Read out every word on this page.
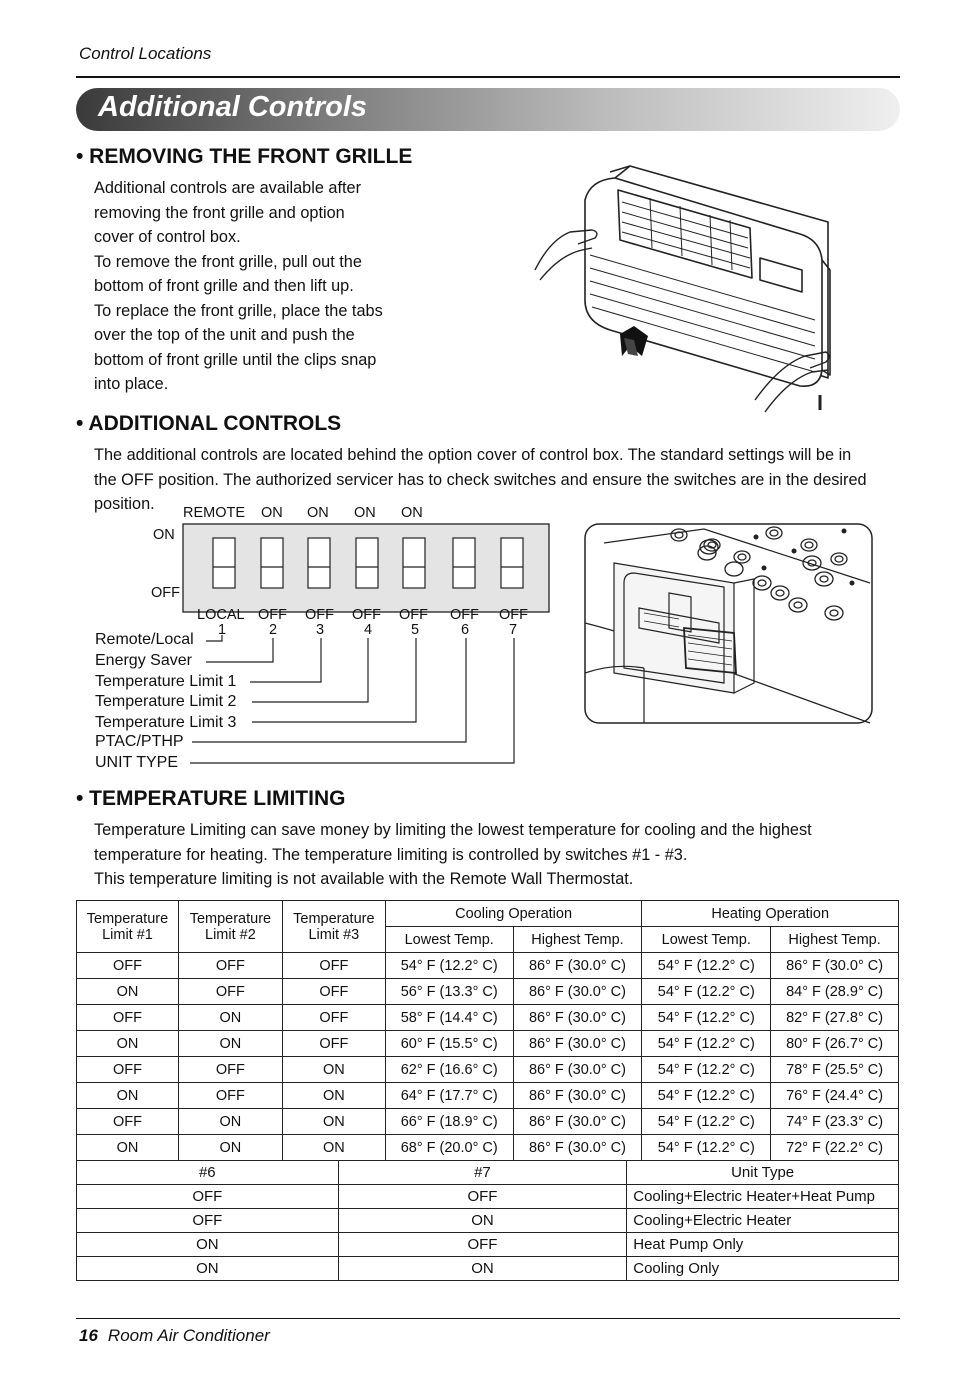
Control Locations
Additional Controls
• REMOVING THE FRONT GRILLE
Additional controls are available after
removing the front grille and option
cover of control box.
To remove the front grille, pull out the
bottom of front grille and then lift up.
To replace the front grille, place the tabs
over the top of the unit and push the
bottom of front grille until the clips snap
into place.
• ADDITIONAL CONTROLS
The additional controls are located behind the option cover of control box. The standard settings will be in
the OFF position. The authorized servicer has to check switches and ensure the switches are in the desired
position.	REMOTE ON ON ON ON
ON
OFF
LOCAL OFF OFF OFF OFF OFF OFF
1	2	3	4	5	6	7
Remote/Local
Energy Saver
Temperature Limit 1
Temperature Limit 2
Temperature Limit 3
PTAC/PTHP
UNIT TYPE
• TEMPERATURE LIMITING
Temperature Limiting can save money by limiting the lowest temperature for cooling and the highest
temperature for heating. The temperature limiting is controlled by switches #1 - #3.
This temperature limiting is not available with the Remote Wall Thermostat.
Temperature
Limit #1	Temperature
Limit #2	Temperature
Limit #3	Cooling Operation		Heating Operation	
			Lowest Temp.	Highest Temp.	Lowest Temp.	Highest Temp.
OFF	OFF	OFF	54° F (12.2° C)	86° F (30.0° C)	54° F (12.2° C)	86° F (30.0° C)
ON	OFF	OFF	56° F (13.3° C)	86° F (30.0° C)	54° F (12.2° C)	84° F (28.9° C)
OFF	ON	OFF	58° F (14.4° C)	86° F (30.0° C)	54° F (12.2° C)	82° F (27.8° C)
ON	ON	OFF	60° F (15.5° C)	86° F (30.0° C)	54° F (12.2° C)	80° F (26.7° C)
OFF	OFF	ON	62° F (16.6° C)	86° F (30.0° C)	54° F (12.2° C)	78° F (25.5° C)
ON	OFF	ON	64° F (17.7° C)	86° F (30.0° C)	54° F (12.2° C)	76° F (24.4° C)
OFF	ON	ON	66° F (18.9° C)	86° F (30.0° C)	54° F (12.2° C)	74° F (23.3° C)
ON	ON	ON	68° F (20.0° C)	86° F (30.0° C)	54° F (12.2° C)	72° F (22.2° C)
#6	#7	Unit Type
OFF	OFF	Cooling+Electric Heater+Heat Pump
OFF	ON	Cooling+Electric Heater
ON	OFF	Heat Pump Only
ON	ON	Cooling Only
16 Room Air Conditioner
